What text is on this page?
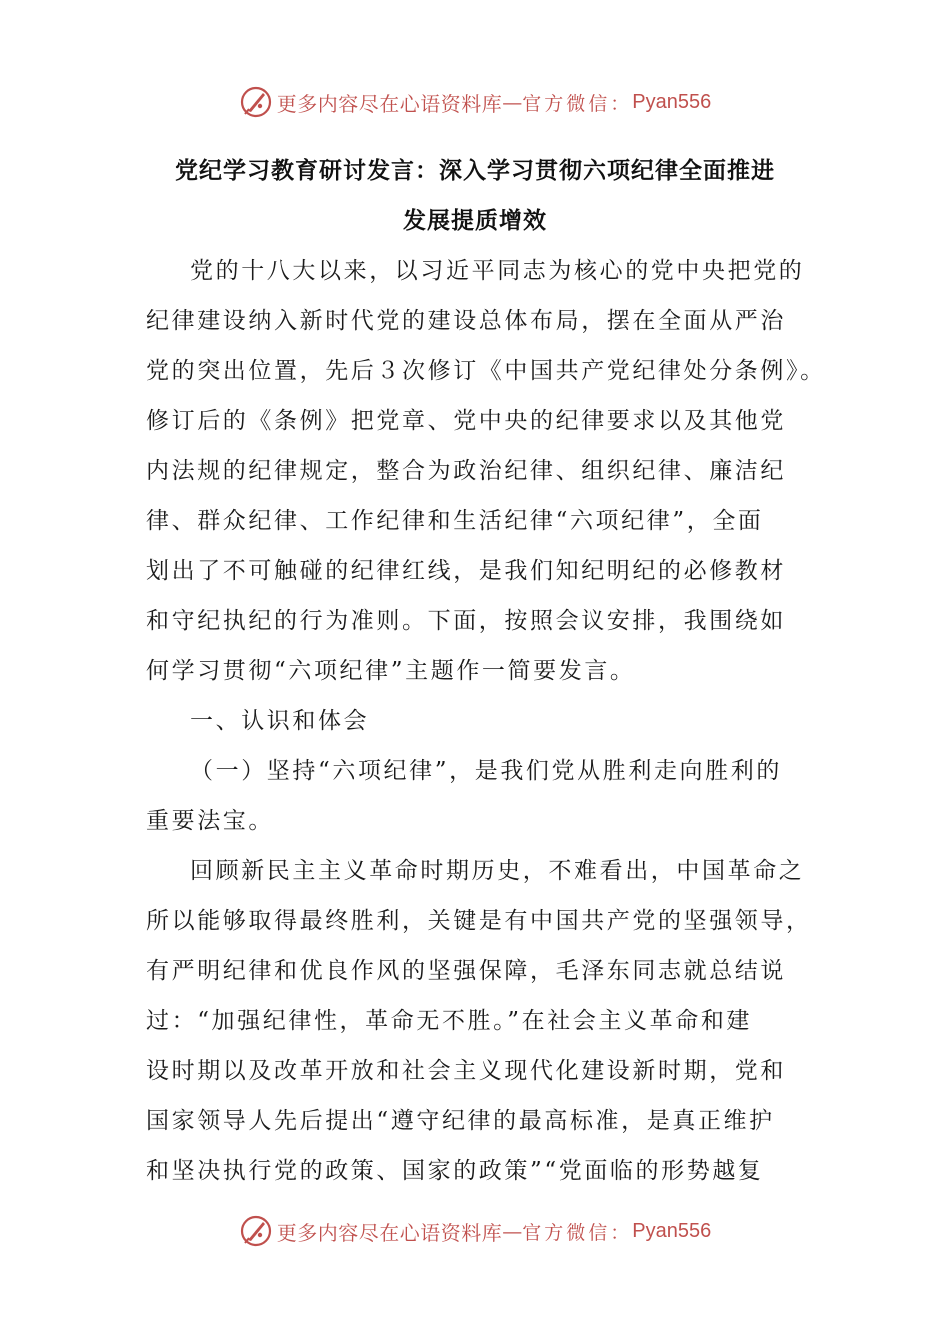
更多内容尽在心语资料库 — 官方微信： Pyan556
党纪学习教育研讨发言：深入学习贯彻六项纪律全面推进
发展提质增效
党的十八大以来，以习近平同志为核心的党中央把党的
纪律建设纳入新时代党的建设总体布局，摆在全面从严治
党的突出位置，先后３次修订《中国共产党纪律处分条例》。
修订后的《条例》把党章、党中央的纪律要求以及其他党
内法规的纪律规定，整合为政治纪律、组织纪律、廉洁纪
律、群众纪律、工作纪律和生活纪律“六项纪律”，全面
划出了不可触碰的纪律红线，是我们知纪明纪的必修教材
和守纪执纪的行为准则。下面，按照会议安排，我围绕如
何学习贯彻“六项纪律”主题作一简要发言。
一、认识和体会
（一）坚持“六项纪律”，是我们党从胜利走向胜利的
重要法宝。
回顾新民主主义革命时期历史，不难看出，中国革命之
所以能够取得最终胜利，关键是有中国共产党的坚强领导，
有严明纪律和优良作风的坚强保障，毛泽东同志就总结说
过：“加强纪律性，革命无不胜。”在社会主义革命和建
设时期以及改革开放和社会主义现代化建设新时期，党和
国家领导人先后提出“遵守纪律的最高标准，是真正维护
和坚决执行党的政策、国家的政策”“党面临的形势越复
更多内容尽在心语资料库 — 官方微信： Pyan556
